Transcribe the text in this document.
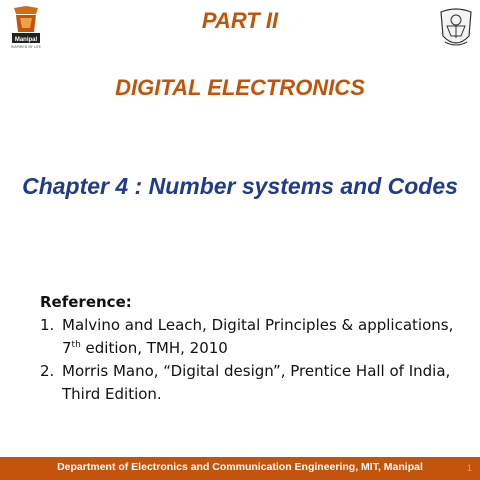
Manipal
INSPIRED BY LIFE
PART II
DIGITAL ELECTRONICS
Chapter 4 : Number systems and Codes
Reference:
1. Malvino and Leach, Digital Principles & applications, 7th edition, TMH, 2010
2. Morris Mano, “Digital design”, Prentice Hall of India, Third Edition.
Department of Electronics and Communication Engineering, MIT, Manipal	1
